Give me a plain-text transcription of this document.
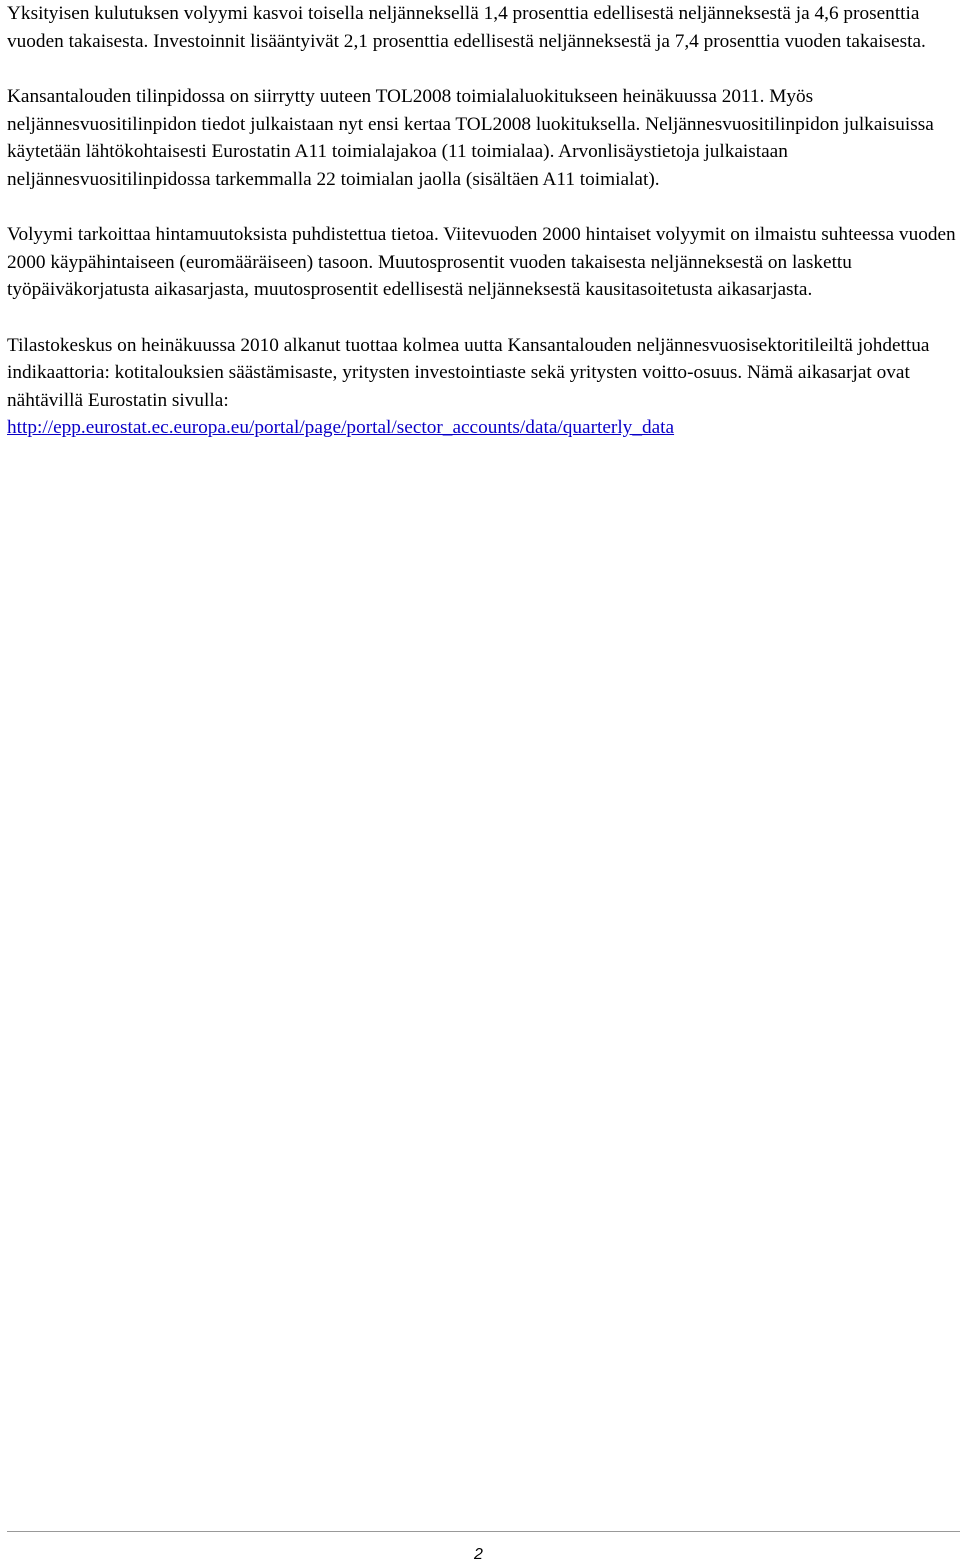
Yksityisen kulutuksen volyymi kasvoi toisella neljänneksellä 1,4 prosenttia edellisestä neljänneksestä ja 4,6 prosenttia vuoden takaisesta. Investoinnit lisääntyivät 2,1 prosenttia edellisestä neljänneksestä ja 7,4 prosenttia vuoden takaisesta.

Kansantalouden tilinpidossa on siirrytty uuteen TOL2008 toimialaluokitukseen heinäkuussa 2011. Myös neljännesvuositilinpidon tiedot julkaistaan nyt ensi kertaa TOL2008 luokituksella. Neljännesvuositilinpidon julkaisuissa käytetään lähtökohtaisesti Eurostatin A11 toimialajakoa (11 toimialaa). Arvonlisäystietoja julkaistaan neljännesvuositilinpidossa tarkemmalla 22 toimialan jaolla (sisältäen A11 toimialat).

Volyymi tarkoittaa hintamuutoksista puhdistettua tietoa. Viitevuoden 2000 hintaiset volyymit on ilmaistu suhteessa vuoden 2000 käypähintaiseen (euromääräiseen) tasoon. Muutosprosentit vuoden takaisesta neljänneksestä on laskettu työpäiväkorjatusta aikasarjasta, muutosprosentit edellisestä neljänneksestä kausitasoitetusta aikasarjasta.

Tilastokeskus on heinäkuussa 2010 alkanut tuottaa kolmea uutta Kansantalouden neljännesvuosisektoritileiltä johdettua indikaattoria: kotitalouksien säästämisaste, yritysten investointiaste sekä yritysten voitto-osuus. Nämä aikasarjat ovat nähtävillä Eurostatin sivulla:
http://epp.eurostat.ec.europa.eu/portal/page/portal/sector_accounts/data/quarterly_data

2
